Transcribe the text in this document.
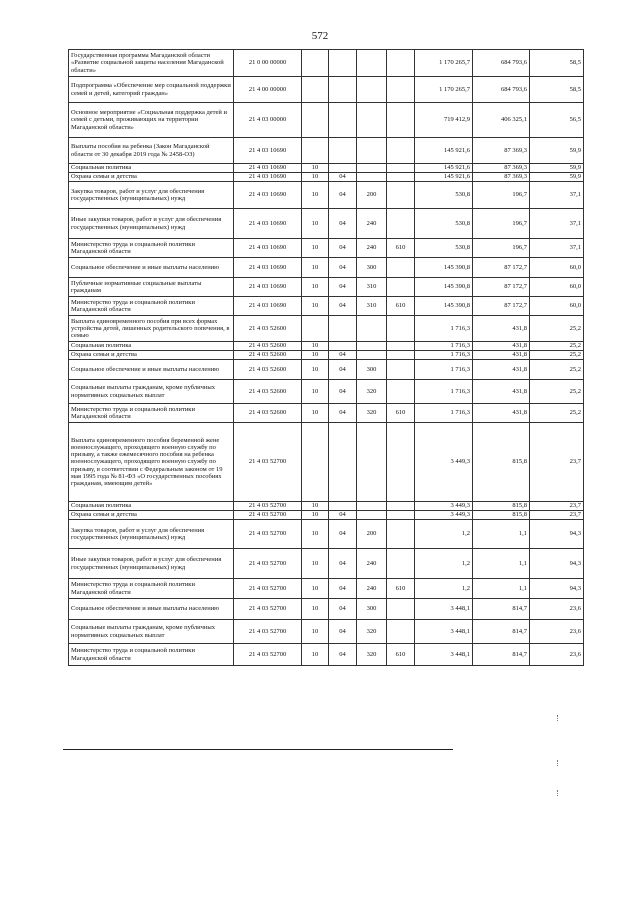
572
Государственная программа Магаданской области «Развитие социальной защиты населения Магаданской области»	21 0 00 00000					1 170 265,7	684 793,6	58,5
Подпрограмма «Обеспечение мер социальной поддержки семей и детей, категорий граждан»	21 4 00 00000					1 170 265,7	684 793,6	58,5
Основное мероприятие «Социальная поддержка детей и семей с детьми, проживающих на территории Магаданской области»	21 4 03 00000					719 412,9	406 325,1	56,5
Выплаты пособия на ребенка (Закон Магаданской области от 30 декабря 2019 года № 2458-ОЗ)	21 4 03 10690					145 921,6	87 369,3	59,9
Социальная политика	21 4 03 10690	10				145 921,6	87 369,3	59,9
Охрана семьи и детства	21 4 03 10690	10	04			145 921,6	87 369,3	59,9
Закупка товаров, работ и услуг для обеспечения государственных (муниципальных) нужд	21 4 03 10690	10	04	200		530,8	196,7	37,1
Иные закупки товаров, работ и услуг для обеспечения государственных (муниципальных) нужд	21 4 03 10690	10	04	240		530,8	196,7	37,1
Министерство труда и социальной политики Магаданской области	21 4 03 10690	10	04	240	610	530,8	196,7	37,1
Социальное обеспечение и иные выплаты населению	21 4 03 10690	10	04	300		145 390,8	87 172,7	60,0
Публичные нормативные социальные выплаты гражданам	21 4 03 10690	10	04	310		145 390,8	87 172,7	60,0
Министерство труда и социальной политики Магаданской области	21 4 03 10690	10	04	310	610	145 390,8	87 172,7	60,0
Выплата единовременного пособия при всех формах устройства детей, лишенных родительского попечения, в семью	21 4 03 52600					1 716,3	431,8	25,2
Социальная политика	21 4 03 52600	10				1 716,3	431,8	25,2
Охрана семьи и детства	21 4 03 52600	10	04			1 716,3	431,8	25,2
Социальное обеспечение и иные выплаты населению	21 4 03 52600	10	04	300		1 716,3	431,8	25,2
Социальные выплаты гражданам, кроме публичных нормативных социальных выплат	21 4 03 52600	10	04	320		1 716,3	431,8	25,2
Министерство труда и социальной политики Магаданской области	21 4 03 52600	10	04	320	610	1 716,3	431,8	25,2
Выплата единовременного пособия беременной жене военнослужащего, проходящего военную службу по призыву, а также ежемесячного пособия на ребенка военнослужащего, проходящего военную службу по призыву, в соответствии с Федеральным законом от 19 мая 1995 года № 81-ФЗ «О государственных пособиях гражданам, имеющим детей»	21 4 03 52700					3 449,3	815,8	23,7
Социальная политика	21 4 03 52700	10				3 449,3	815,8	23,7
Охрана семьи и детства	21 4 03 52700	10	04			3 449,3	815,8	23,7
Закупка товаров, работ и услуг для обеспечения государственных (муниципальных) нужд	21 4 03 52700	10	04	200		1,2	1,1	94,3
Иные закупки товаров, работ и услуг для обеспечения государственных (муниципальных) нужд	21 4 03 52700	10	04	240		1,2	1,1	94,3
Министерство труда и социальной политики Магаданской области	21 4 03 52700	10	04	240	610	1,2	1,1	94,3
Социальное обеспечение и иные выплаты населению	21 4 03 52700	10	04	300		3 448,1	814,7	23,6
Социальные выплаты гражданам, кроме публичных нормативных социальных выплат	21 4 03 52700	10	04	320		3 448,1	814,7	23,6
Министерство труда и социальной политики Магаданской области	21 4 03 52700	10	04	320	610	3 448,1	814,7	23,6
